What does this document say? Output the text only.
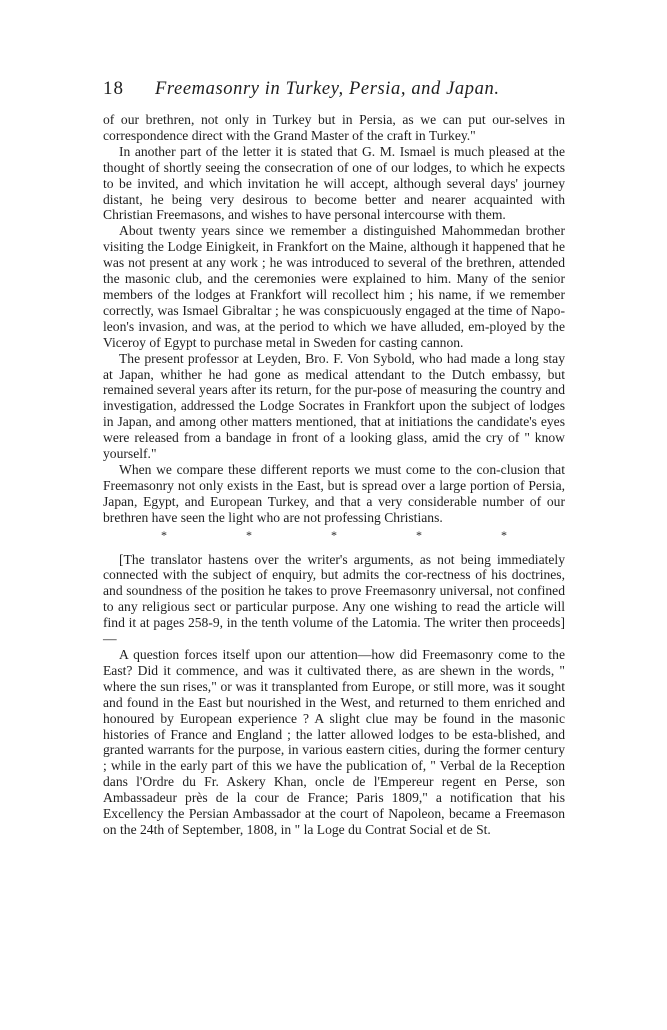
18	Freemasonry in Turkey, Persia, and Japan.

of our brethren, not only in Turkey but in Persia, as we can put our-selves in correspondence direct with the Grand Master of the craft in Turkey."

In another part of the letter it is stated that G. M. Ismael is much pleased at the thought of shortly seeing the consecration of one of our lodges, to which he expects to be invited, and which invitation he will accept, although several days' journey distant, he being very desirous to become better and nearer acquainted with Christian Freemasons, and wishes to have personal intercourse with them.

About twenty years since we remember a distinguished Mahommedan brother visiting the Lodge Einigkeit, in Frankfort on the Maine, although it happened that he was not present at any work ; he was introduced to several of the brethren, attended the masonic club, and the ceremonies were explained to him. Many of the senior members of the lodges at Frankfort will recollect him ; his name, if we remember correctly, was Ismael Gibraltar ; he was conspicuously engaged at the time of Napo-leon's invasion, and was, at the period to which we have alluded, em-ployed by the Viceroy of Egypt to purchase metal in Sweden for casting cannon.

The present professor at Leyden, Bro. F. Von Sybold, who had made a long stay at Japan, whither he had gone as medical attendant to the Dutch embassy, but remained several years after its return, for the pur-pose of measuring the country and investigation, addressed the Lodge Socrates in Frankfort upon the subject of lodges in Japan, and among other matters mentioned, that at initiations the candidate's eyes were released from a bandage in front of a looking glass, amid the cry of " know yourself."

When we compare these different reports we must come to the con-clusion that Freemasonry not only exists in the East, but is spread over a large portion of Persia, Japan, Egypt, and European Turkey, and that a very considerable number of our brethren have seen the light who are not professing Christians.

*	*	*	*	*

[The translator hastens over the writer's arguments, as not being immediately connected with the subject of enquiry, but admits the cor-rectness of his doctrines, and soundness of the position he takes to prove Freemasonry universal, not confined to any religious sect or particular purpose. Any one wishing to read the article will find it at pages 258-9, in the tenth volume of the Latomia. The writer then proceeds]—

A question forces itself upon our attention—how did Freemasonry come to the East? Did it commence, and was it cultivated there, as are shewn in the words, " where the sun rises," or was it transplanted from Europe, or still more, was it sought and found in the East but nourished in the West, and returned to them enriched and honoured by European experience ? A slight clue may be found in the masonic histories of France and England ; the latter allowed lodges to be esta-blished, and granted warrants for the purpose, in various eastern cities, during the former century ; while in the early part of this we have the publication of, " Verbal de la Reception dans l'Ordre du Fr. Askery Khan, oncle de l'Empereur regent en Perse, son Ambassadeur près de la cour de France; Paris 1809," a notification that his Excellency the Persian Ambassador at the court of Napoleon, became a Freemason on the 24th of September, 1808, in " la Loge du Contrat Social et de St.
